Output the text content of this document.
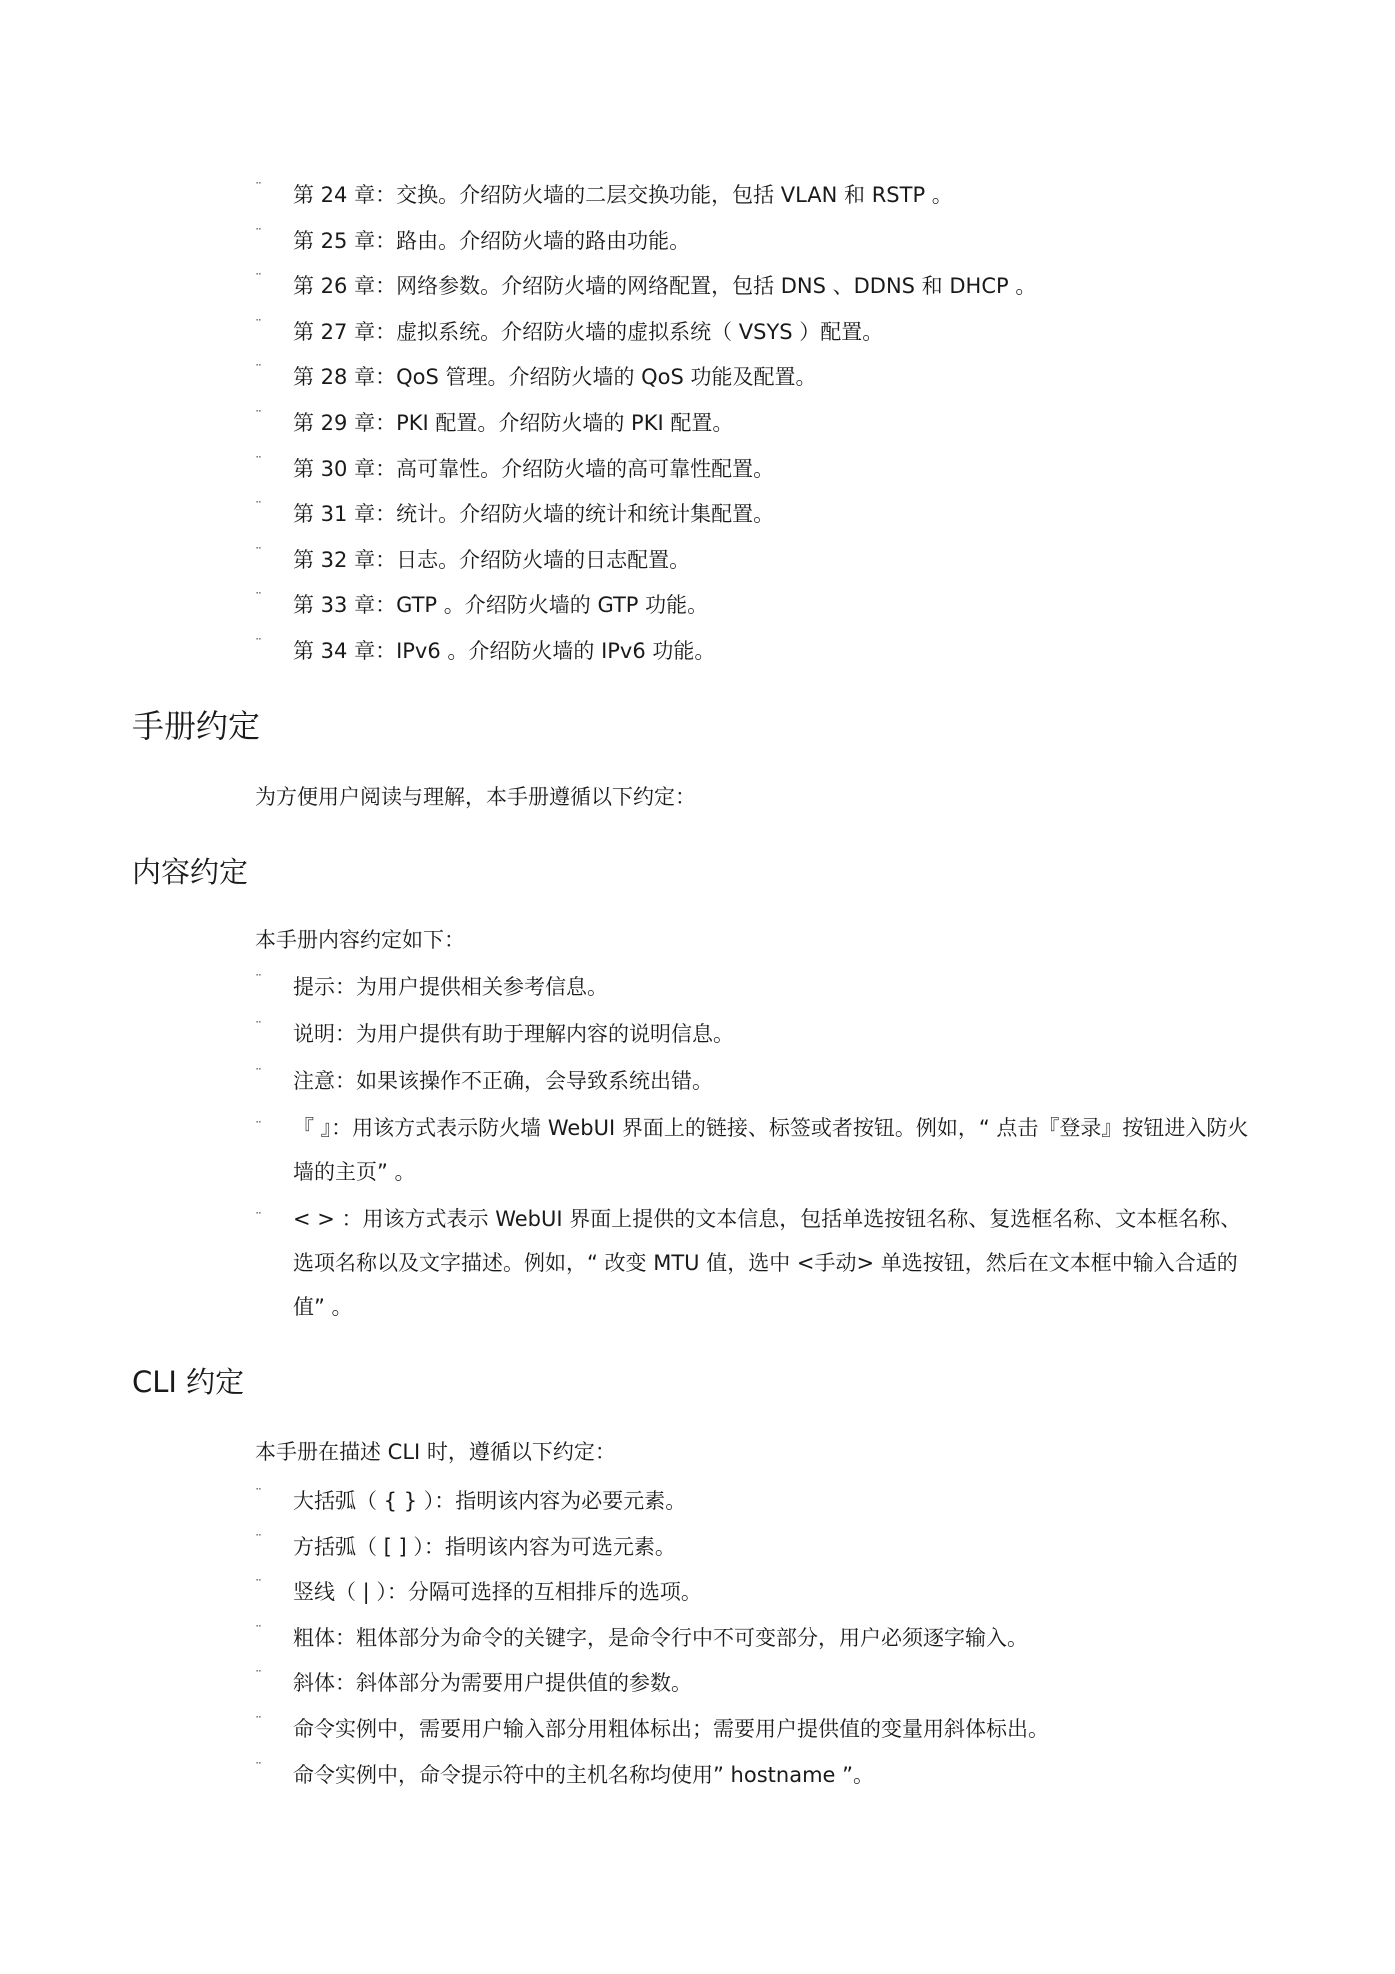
¨ 第 24 章：交换。介绍防火墙的二层交换功能，包括 VLAN 和 RSTP 。
¨ 第 25 章：路由。介绍防火墙的路由功能。
¨ 第 26 章：网络参数。介绍防火墙的网络配置，包括 DNS 、DDNS 和 DHCP 。
¨ 第 27 章：虚拟系统。介绍防火墙的虚拟系统（ VSYS ）配置。
¨ 第 28 章：QoS 管理。介绍防火墙的 QoS 功能及配置。
¨ 第 29 章：PKI 配置。介绍防火墙的 PKI 配置。
¨ 第 30 章：高可靠性。介绍防火墙的高可靠性配置。
¨ 第 31 章：统计。介绍防火墙的统计和统计集配置。
¨ 第 32 章：日志。介绍防火墙的日志配置。
¨ 第 33 章：GTP 。介绍防火墙的 GTP 功能。
¨ 第 34 章：IPv6 。介绍防火墙的 IPv6 功能。
手册约定

为方便用户阅读与理解，本手册遵循以下约定：

内容约定

本手册内容约定如下：

¨ 提示：为用户提供相关参考信息。
¨ 说明：为用户提供有助于理解内容的说明信息。
¨ 注意：如果该操作不正确，会导致系统出错。
¨ 『 』：用该方式表示防火墙 WebUI 界面上的链接、标签或者按钮。例如，“ 点击『登录』按钮进入防火墙的主页” 。
¨ < > ：用该方式表示 WebUI 界面上提供的文本信息，包括单选按钮名称、复选框名称、文本框名称、选项名称以及文字描述。例如，“ 改变 MTU 值，选中 <手动> 单选按钮，然后在文本框中输入合适的值” 。
CLI 约定

本手册在描述 CLI 时，遵循以下约定：

¨ 大括弧（ { } ）：指明该内容为必要元素。
¨ 方括弧（ [ ] ）：指明该内容为可选元素。
¨ 竖线（ | ）：分隔可选择的互相排斥的选项。
¨ 粗体：粗体部分为命令的关键字，是命令行中不可变部分，用户必须逐字输入。
¨ 斜体：斜体部分为需要用户提供值的参数。
¨ 命令实例中，需要用户输入部分用粗体标出；需要用户提供值的变量用斜体标出。
¨ 命令实例中，命令提示符中的主机名称均使用” hostname ”。
